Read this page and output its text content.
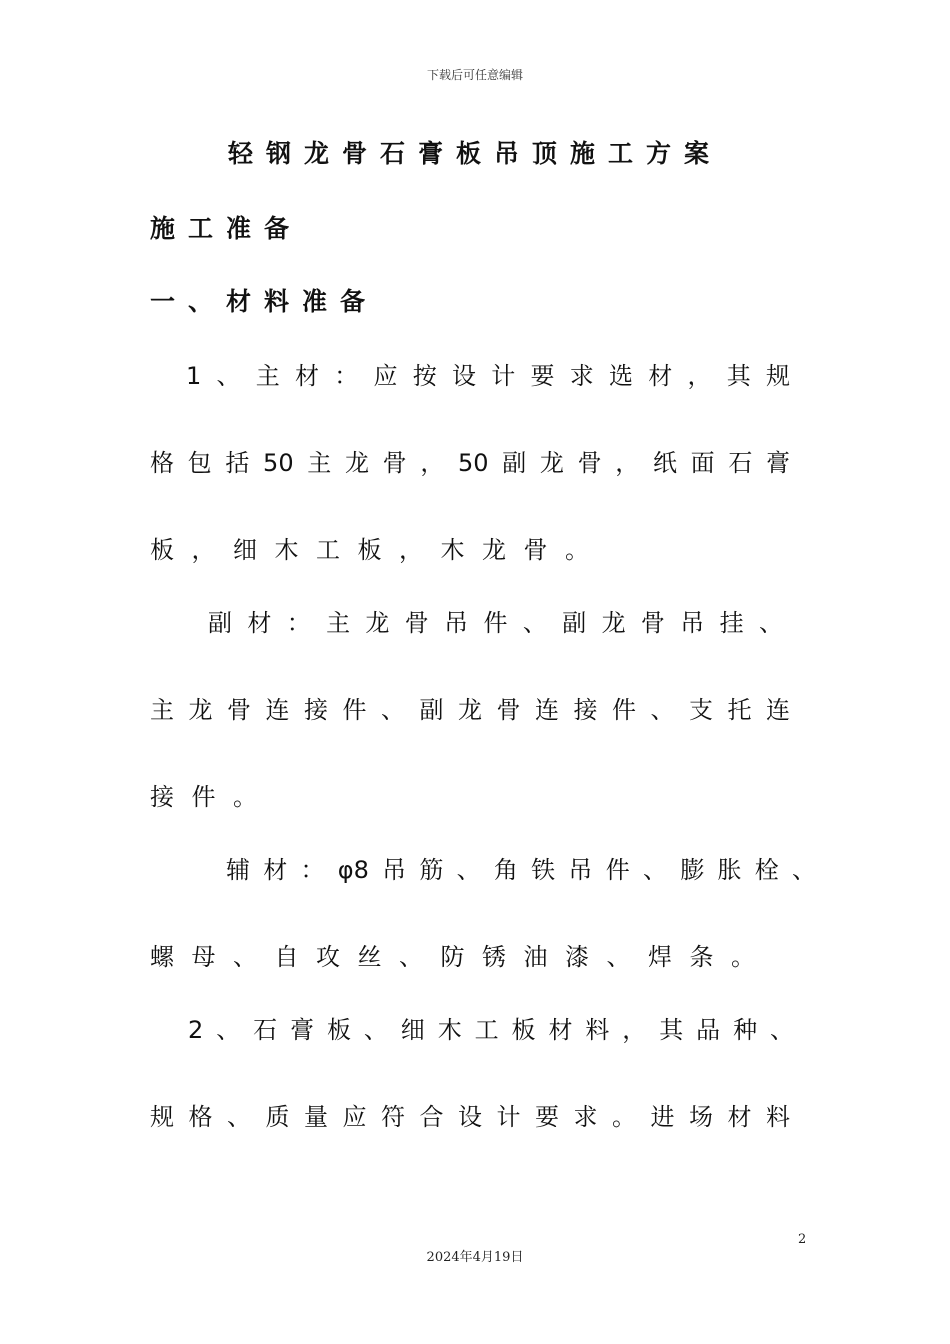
下载后可任意编辑
轻钢龙骨石膏板吊顶施工方案
施工准备
一、材料准备
1、主材：应按设计要求选材，其规
格包括50主龙骨，50副龙骨，纸面石膏
板，细木工板，木龙骨。
副材：主龙骨吊件、副龙骨吊挂、
主龙骨连接件、副龙骨连接件、支托连
接件。
辅材：φ8吊筋、角铁吊件、膨胀栓、
螺母、自攻丝、防锈油漆、焊条。
2、石膏板、细木工板材料，其品种、
规格、质量应符合设计要求。进场材料
2
2024年4月19日
